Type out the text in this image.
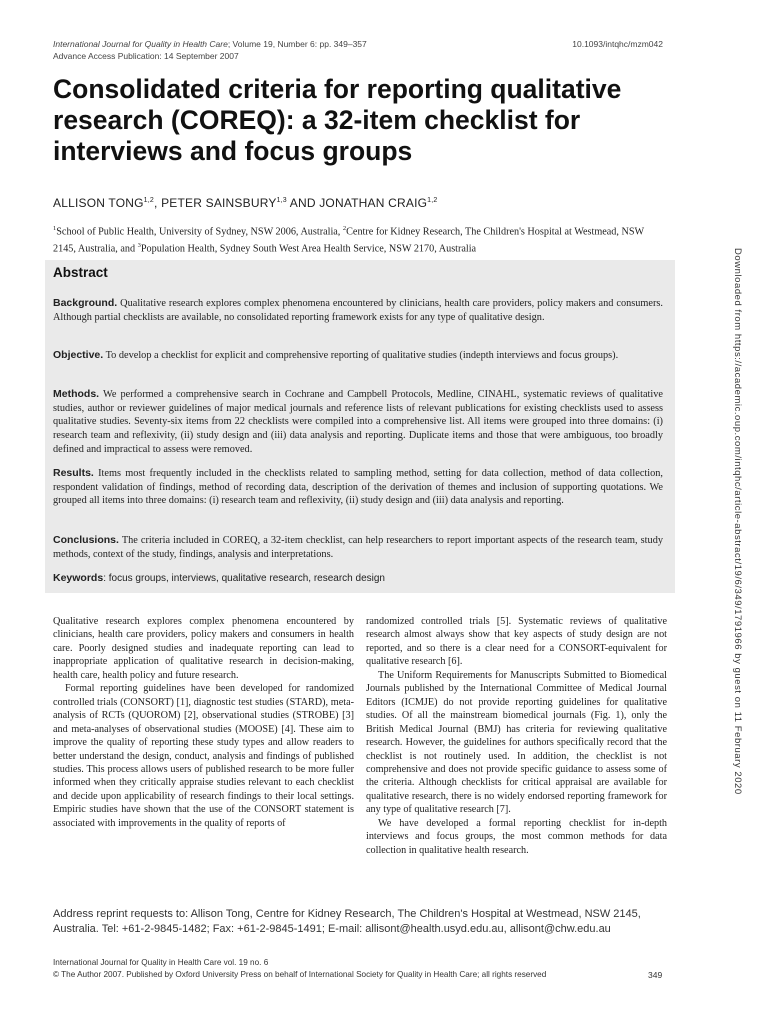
International Journal for Quality in Health Care; Volume 19, Number 6: pp. 349–357
Advance Access Publication: 14 September 2007
10.1093/intqhc/mzm042
Consolidated criteria for reporting qualitative research (COREQ): a 32-item checklist for interviews and focus groups
ALLISON TONG$^{1,2}$, PETER SAINSBURY$^{1,3}$ AND JONATHAN CRAIG$^{1,2}$
$^1$School of Public Health, University of Sydney, NSW 2006, Australia, $^2$Centre for Kidney Research, The Children's Hospital at Westmead, NSW 2145, Australia, and $^3$Population Health, Sydney South West Area Health Service, NSW 2170, Australia
Abstract
Background. Qualitative research explores complex phenomena encountered by clinicians, health care providers, policy makers and consumers. Although partial checklists are available, no consolidated reporting framework exists for any type of qualitative design.
Objective. To develop a checklist for explicit and comprehensive reporting of qualitative studies (indepth interviews and focus groups).
Methods. We performed a comprehensive search in Cochrane and Campbell Protocols, Medline, CINAHL, systematic reviews of qualitative studies, author or reviewer guidelines of major medical journals and reference lists of relevant publications for existing checklists used to assess qualitative studies. Seventy-six items from 22 checklists were compiled into a comprehensive list. All items were grouped into three domains: (i) research team and reflexivity, (ii) study design and (iii) data analysis and reporting. Duplicate items and those that were ambiguous, too broadly defined and impractical to assess were removed.
Results. Items most frequently included in the checklists related to sampling method, setting for data collection, method of data collection, respondent validation of findings, method of recording data, description of the derivation of themes and inclusion of supporting quotations. We grouped all items into three domains: (i) research team and reflexivity, (ii) study design and (iii) data analysis and reporting.
Conclusions. The criteria included in COREQ, a 32-item checklist, can help researchers to report important aspects of the research team, study methods, context of the study, findings, analysis and interpretations.
Keywords: focus groups, interviews, qualitative research, research design

Qualitative research explores complex phenomena encountered by clinicians, health care providers, policy makers and consumers in health care. Poorly designed studies and inadequate reporting can lead to inappropriate application of qualitative research in decision-making, health care, health policy and future research.

Formal reporting guidelines have been developed for randomized controlled trials (CONSORT) [1], diagnostic test studies (STARD), meta-analysis of RCTs (QUOROM) [2], observational studies (STROBE) [3] and meta-analyses of observational studies (MOOSE) [4]. These aim to improve the quality of reporting these study types and allow readers to better understand the design, conduct, analysis and findings of published studies. This process allows users of published research to be more fuller informed when they critically appraise studies relevant to each checklist and decide upon applicability of research findings to their local settings. Empiric studies have shown that the use of the CONSORT statement is associated with improvements in the quality of reports of

randomized controlled trials [5]. Systematic reviews of qualitative research almost always show that key aspects of study design are not reported, and so there is a clear need for a CONSORT-equivalent for qualitative research [6].

The Uniform Requirements for Manuscripts Submitted to Biomedical Journals published by the International Committee of Medical Journal Editors (ICMJE) do not provide reporting guidelines for qualitative studies. Of all the mainstream biomedical journals (Fig. 1), only the British Medical Journal (BMJ) has criteria for reviewing qualitative research. However, the guidelines for authors specifically record that the checklist is not routinely used. In addition, the checklist is not comprehensive and does not provide specific guidance to assess some of the criteria. Although checklists for critical appraisal are available for qualitative research, there is no widely endorsed reporting framework for any type of qualitative research [7].

We have developed a formal reporting checklist for in-depth interviews and focus groups, the most common methods for data collection in qualitative health research.

Address reprint requests to: Allison Tong, Centre for Kidney Research, The Children's Hospital at Westmead, NSW 2145, Australia. Tel: +61-2-9845-1482; Fax: +61-2-9845-1491; E-mail: allisont@health.usyd.edu.au, allisont@chw.edu.au
International Journal for Quality in Health Care vol. 19 no. 6
© The Author 2007. Published by Oxford University Press on behalf of International Society for Quality in Health Care; all rights reserved	349
Downloaded from https://academic.oup.com/intqhc/article-abstract/19/6/349/1791966 by guest on 11 February 2020
